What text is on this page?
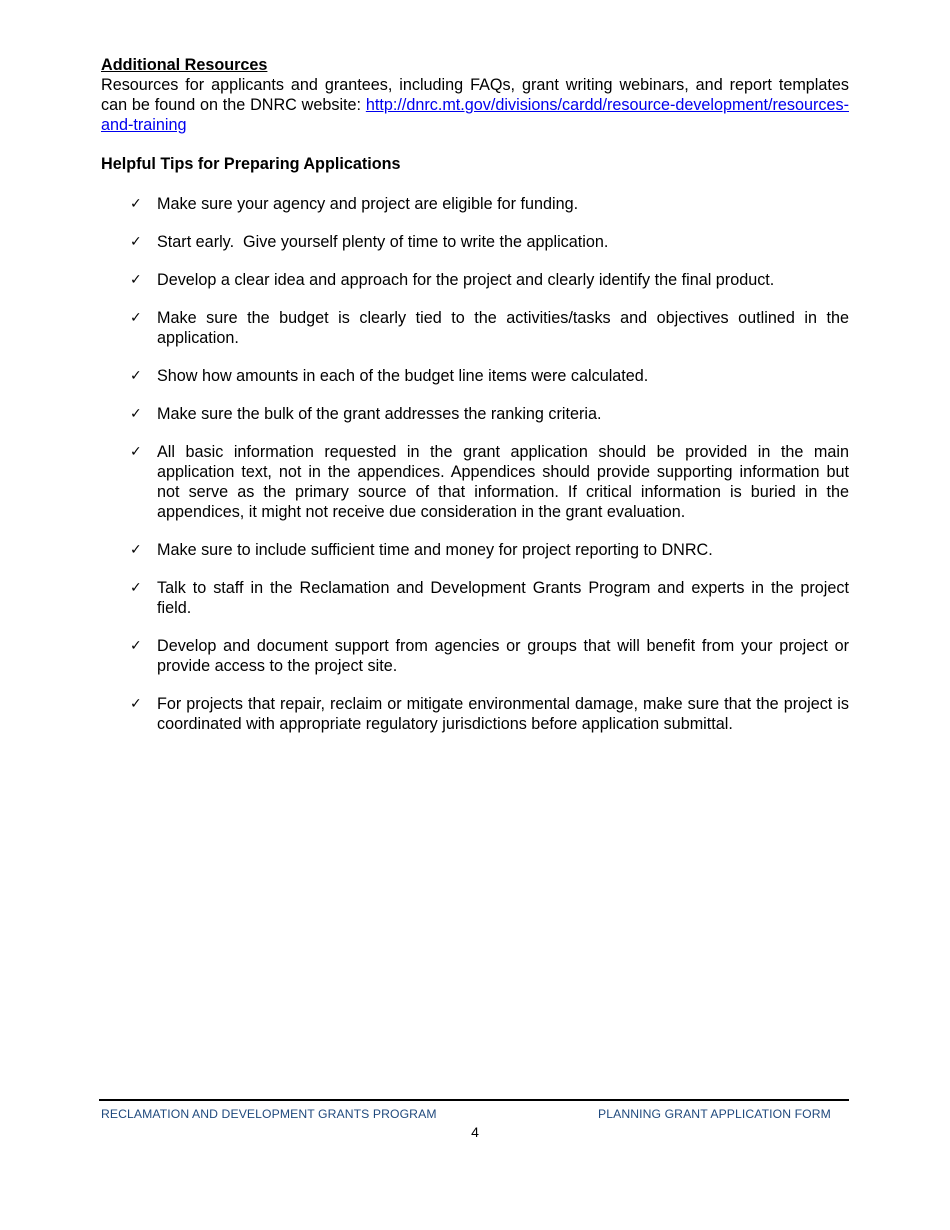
Additional Resources

Resources for applicants and grantees, including FAQs, grant writing webinars, and report templates can be found on the DNRC website: http://dnrc.mt.gov/divisions/cardd/resource-development/resources-and-training

Helpful Tips for Preparing Applications

✓ Make sure your agency and project are eligible for funding.
✓ Start early.  Give yourself plenty of time to write the application.
✓ Develop a clear idea and approach for the project and clearly identify the final product.
✓ Make sure the budget is clearly tied to the activities/tasks and objectives outlined in the application.
✓ Show how amounts in each of the budget line items were calculated.
✓ Make sure the bulk of the grant addresses the ranking criteria.
✓ All basic information requested in the grant application should be provided in the main application text, not in the appendices. Appendices should provide supporting information but not serve as the primary source of that information. If critical information is buried in the appendices, it might not receive due consideration in the grant evaluation.
✓ Make sure to include sufficient time and money for project reporting to DNRC.
✓ Talk to staff in the Reclamation and Development Grants Program and experts in the project field.
✓ Develop and document support from agencies or groups that will benefit from your project or provide access to the project site.
✓ For projects that repair, reclaim or mitigate environmental damage, make sure that the project is coordinated with appropriate regulatory jurisdictions before application submittal.
RECLAMATION AND DEVELOPMENT GRANTS PROGRAM	PLANNING GRANT APPLICATION FORM
4
